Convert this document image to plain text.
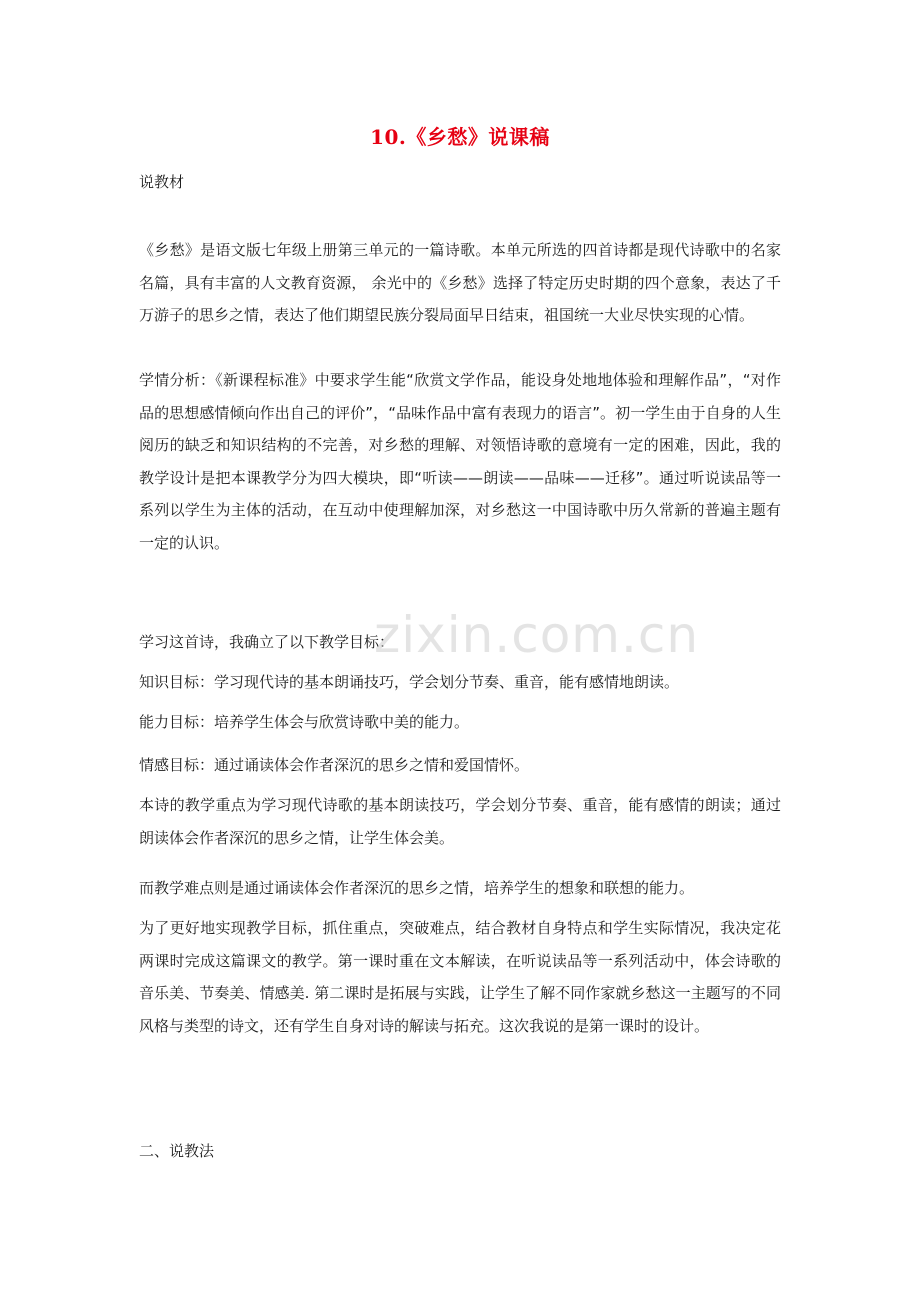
10.《乡愁》说课稿

说教材

《乡愁》是语文版七年级上册第三单元的一篇诗歌。本单元所选的四首诗都是现代诗歌中的名家名篇，具有丰富的人文教育资源， 余光中的《乡愁》选择了特定历史时期的四个意象，表达了千万游子的思乡之情，表达了他们期望民族分裂局面早日结束，祖国统一大业尽快实现的心情。

学情分析：《新课程标准》中要求学生能“欣赏文学作品，能设身处地地体验和理解作品”，“对作品的思想感情倾向作出自己的评价”，“品味作品中富有表现力的语言”。初一学生由于自身的人生阅历的缺乏和知识结构的不完善，对乡愁的理解、对领悟诗歌的意境有一定的困难，因此，我的教学设计是把本课教学分为四大模块，即“听读——朗读——品味——迁移”。通过听说读品等一系列以学生为主体的活动，在互动中使理解加深，对乡愁这一中国诗歌中历久常新的普遍主题有一定的认识。

学习这首诗，我确立了以下教学目标：

知识目标：学习现代诗的基本朗诵技巧，学会划分节奏、重音，能有感情地朗读。

能力目标：培养学生体会与欣赏诗歌中美的能力。

情感目标：通过诵读体会作者深沉的思乡之情和爱国情怀。

本诗的教学重点为学习现代诗歌的基本朗读技巧，学会划分节奏、重音，能有感情的朗读；通过朗读体会作者深沉的思乡之情，让学生体会美。

而教学难点则是通过诵读体会作者深沉的思乡之情，培养学生的想象和联想的能力。

为了更好地实现教学目标，抓住重点，突破难点，结合教材自身特点和学生实际情况，我决定花两课时完成这篇课文的教学。第一课时重在文本解读，在听说读品等一系列活动中，体会诗歌的音乐美、节奏美、情感美. 第二课时是拓展与实践，让学生了解不同作家就乡愁这一主题写的不同风格与类型的诗文，还有学生自身对诗的解读与拓充。这次我说的是第一课时的设计。

二、说教法

zixin.com.cn
